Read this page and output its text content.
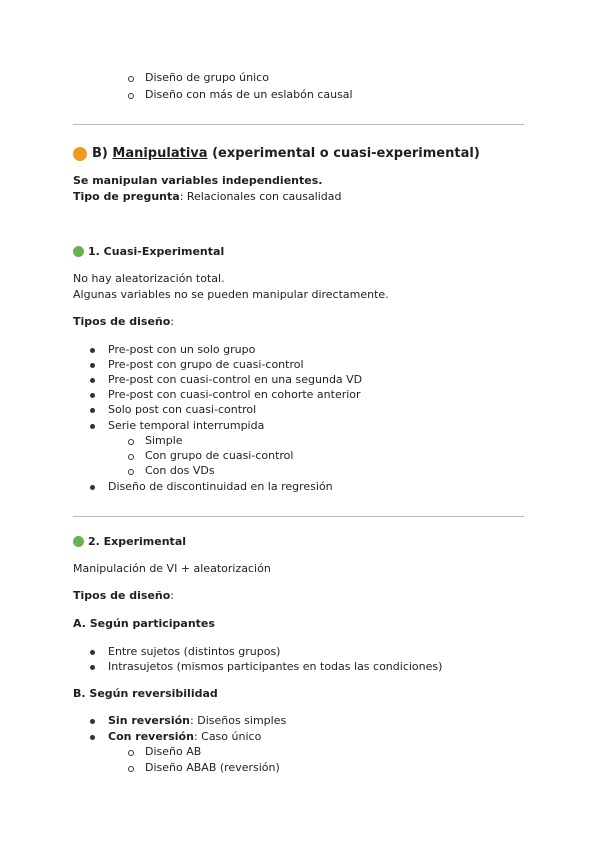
Diseño de grupo único
Diseño con más de un eslabón causal
B) Manipulativa (experimental o cuasi-experimental)
Se manipulan variables independientes.
Tipo de pregunta: Relacionales con causalidad
1. Cuasi-Experimental
No hay aleatorización total.
Algunas variables no se pueden manipular directamente.
Tipos de diseño:
Pre-post con un solo grupo
Pre-post con grupo de cuasi-control
Pre-post con cuasi-control en una segunda VD
Pre-post con cuasi-control en cohorte anterior
Solo post con cuasi-control
Serie temporal interrumpida
Simple
Con grupo de cuasi-control
Con dos VDs
Diseño de discontinuidad en la regresión
2. Experimental
Manipulación de VI + aleatorización
Tipos de diseño:
A. Según participantes
Entre sujetos (distintos grupos)
Intrasujetos (mismos participantes en todas las condiciones)
B. Según reversibilidad
Sin reversión: Diseños simples
Con reversión: Caso único
Diseño AB
Diseño ABAB (reversión)
